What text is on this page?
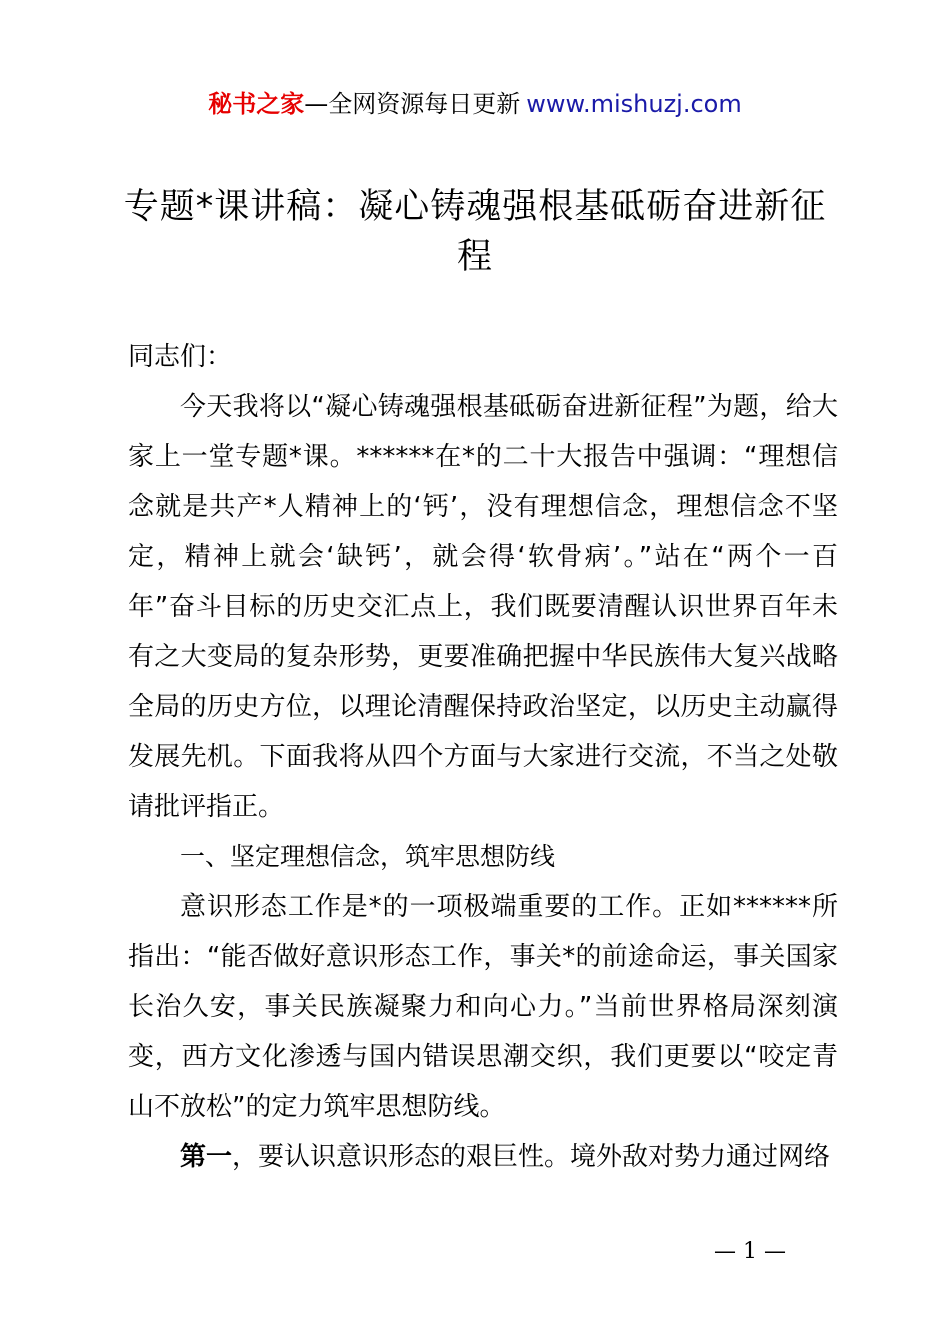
秘书之家—全网资源每日更新 www.mishuzj.com
专题*课讲稿：凝心铸魂强根基砥砺奋进新征程

同志们：

今天我将以“凝心铸魂强根基砥砺奋进新征程”为题，给大家上一堂专题*课。******在*的二十大报告中强调：“理想信念就是共产*人精神上的‘钙’，没有理想信念，理想信念不坚定，精神上就会‘缺钙’，就会得‘软骨病’。”站在“两个一百年”奋斗目标的历史交汇点上，我们既要清醒认识世界百年未有之大变局的复杂形势，更要准确把握中华民族伟大复兴战略全局的历史方位，以理论清醒保持政治坚定，以历史主动赢得发展先机。下面我将从四个方面与大家进行交流，不当之处敬请批评指正。

一、坚定理想信念，筑牢思想防线

意识形态工作是*的一项极端重要的工作。正如******所指出：“能否做好意识形态工作，事关*的前途命运，事关国家长治久安，事关民族凝聚力和向心力。”当前世界格局深刻演变，西方文化渗透与国内错误思潮交织，我们更要以“咬定青山不放松”的定力筑牢思想防线。

第一，要认识意识形态的艰巨性。境外敌对势力通过网络

— 1 —
